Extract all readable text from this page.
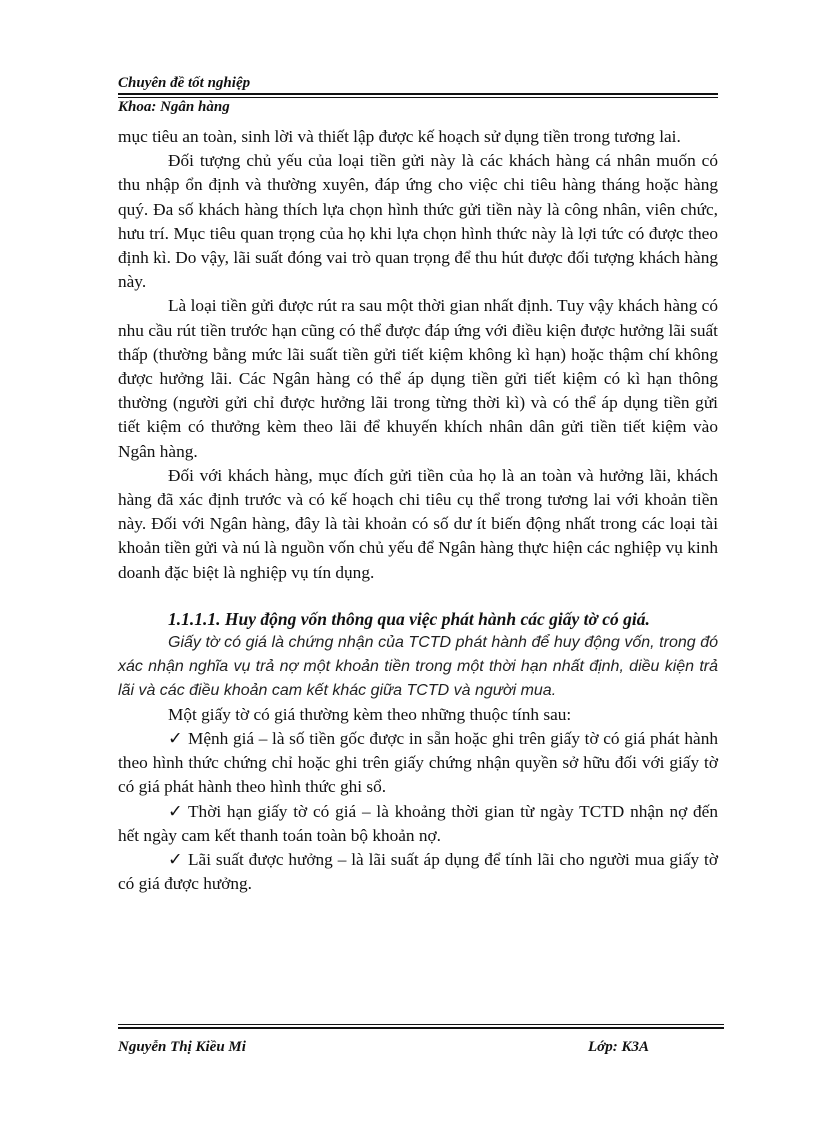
Chuyên đề tốt nghiệp

Khoa: Ngân hàng

mục tiêu an toàn, sinh lời và thiết lập được kế hoạch sử dụng tiền trong tương lai.

Đối tượng chủ yếu của loại tiền gửi này là các khách hàng cá nhân muốn có thu nhập ổn định và thường xuyên, đáp ứng cho việc chi tiêu hàng tháng hoặc hàng quý. Đa số khách hàng thích lựa chọn hình thức gửi tiền này là công nhân, viên chức, hưu trí. Mục tiêu quan trọng của họ khi lựa chọn hình thức này là lợi tức có được theo định kì. Do vậy, lãi suất đóng vai trò quan trọng để thu hút được đối tượng khách hàng này.

Là loại tiền gửi được rút ra sau một thời gian nhất định. Tuy vậy khách hàng có nhu cầu rút tiền trước hạn cũng có thể được đáp ứng với điều kiện được hưởng lãi suất thấp (thường bằng mức lãi suất tiền gửi tiết kiệm không kì hạn) hoặc thậm chí không được hưởng lãi. Các Ngân hàng có thể áp dụng tiền gửi tiết kiệm có kì hạn thông thường (người gửi chỉ được hưởng lãi trong từng thời kì) và có thể áp dụng tiền gửi tiết kiệm có thưởng kèm theo lãi để khuyến khích nhân dân gửi tiền tiết kiệm vào Ngân hàng.

Đối với khách hàng, mục đích gửi tiền của họ là an toàn và hưởng lãi, khách hàng đã xác định trước và có kế hoạch chi tiêu cụ thể trong tương lai với khoản tiền này. Đối với Ngân hàng, đây là tài khoản có số dư ít biến động nhất trong các loại tài khoản tiền gửi và nú là nguồn vốn chủ yếu để Ngân hàng thực hiện các nghiệp vụ kinh doanh đặc biệt là nghiệp vụ tín dụng.

1.1.1.1. Huy động vốn thông qua việc phát hành các giấy tờ có giá.

Giấy tờ có giá là chứng nhận của TCTD phát hành để huy động vốn, trong đó xác nhận nghĩa vụ trả nợ một khoản tiền trong một thời hạn nhất định, diều kiện trả lãi và các điều khoản cam kết khác giữa TCTD và người mua.

Một giấy tờ có giá thường kèm theo những thuộc tính sau:

✓ Mệnh giá – là số tiền gốc được in sẵn hoặc ghi trên giấy tờ có giá phát hành theo hình thức chứng chỉ hoặc ghi trên giấy chứng nhận quyền sở hữu đối với giấy tờ có giá phát hành theo hình thức ghi sổ.

✓ Thời hạn giấy tờ có giá – là khoảng thời gian từ ngày TCTD nhận nợ đến hết ngày cam kết thanh toán toàn bộ khoản nợ.

✓ Lãi suất được hưởng – là lãi suất áp dụng để tính lãi cho người mua giấy tờ có giá được hưởng.

Nguyễn Thị Kiều Mi	Lớp: K3A
